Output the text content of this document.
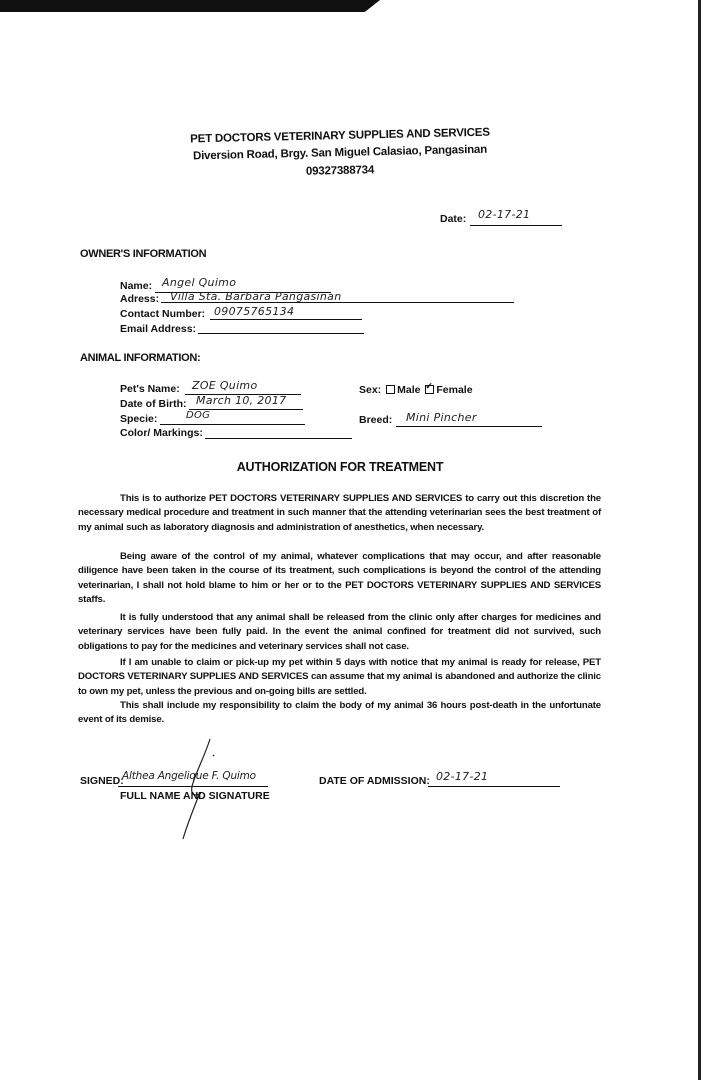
PET DOCTORS VETERINARY SUPPLIES AND SERVICES
Diversion Road, Brgy. San Miguel Calasiao, Pangasinan
09327388734
Date: 02-17-21
OWNER'S INFORMATION
Name: Angel Quimo
Adress: Villa Sta. Barbara Pangasinan
Contact Number: 09075765134
Email Address:
ANIMAL INFORMATION:
Pet's Name: ZOE Quimo
Date of Birth: March 10, 2017
Specie:	DOG
Color/ Markings:
Sex: Male ✓ Female
Breed: Mini Pincher
AUTHORIZATION FOR TREATMENT

This is to authorize PET DOCTORS VETERINARY SUPPLIES AND SERVICES to carry out this discretion the necessary medical procedure and treatment in such manner that the attending veterinarian sees the best treatment of my animal such as laboratory diagnosis and administration of anesthetics, when necessary.

Being aware of the control of my animal, whatever complications that may occur, and after reasonable diligence have been taken in the course of its treatment, such complications is beyond the control of the attending veterinarian, I shall not hold blame to him or her or to the PET DOCTORS VETERINARY SUPPLIES AND SERVICES staffs.

It is fully understood that any animal shall be released from the clinic only after charges for medicines and veterinary services have been fully paid. In the event the animal confined for treatment did not survived, such obligations to pay for the medicines and veterinary services shall not case.

If I am unable to claim or pick-up my pet within 5 days with notice that my animal is ready for release, PET DOCTORS VETERINARY SUPPLIES AND SERVICES can assume that my animal is abandoned and authorize the clinic to own my pet, unless the previous and on-going bills are settled.

This shall include my responsibility to claim the body of my animal 36 hours post-death in the unfortunate event of its demise.

SIGNED:
Althea Angelique F. Quimo
FULL NAME AND SIGNATURE
DATE OF ADMISSION: 02-17-21
